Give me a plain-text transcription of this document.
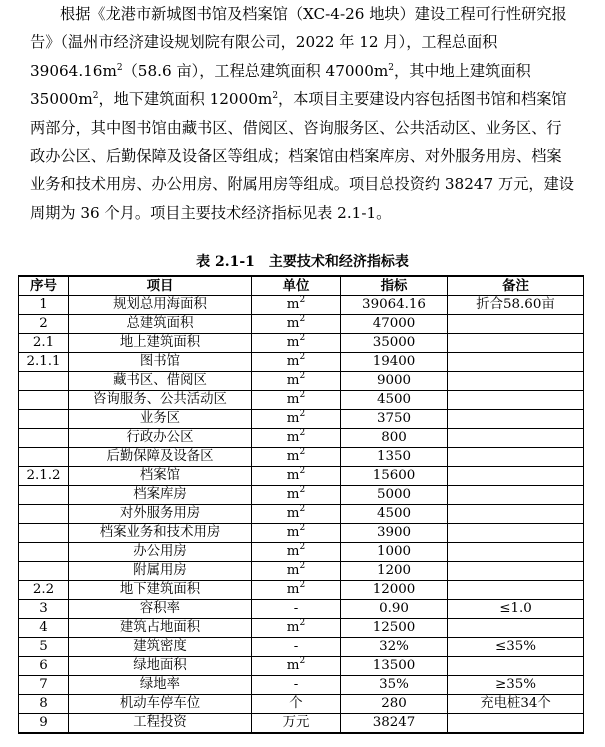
根据《龙港市新城图书馆及档案馆（XC-4-26 地块）建设工程可行性研究报告》（温州市经济建设规划院有限公司，2022 年 12 月），工程总面积 $39064.16m^2(58.6$ 亩），工程总建筑面积 $47000m^2$，其中地上建筑面积 $35000m^2$，地下建筑面积 $12000m^2$，本项目主要建设内容包括图书馆和档案馆两部分，其中图书馆由藏书区、借阅区、咨询服务区、公共活动区、业务区、行政办公区、后勤保障及设备区等组成；档案馆由档案库房、对外服务用房、档案业务和技术用房、办公用房、附属用房等组成。项目总投资约 38247 万元，建设周期为 36 个月。项目主要技术经济指标见表 2.1-1。

表 2.1-1　主要技术和经济指标表
序号	项目	单位	指标	备注
1	规划总用海面积	$m^2$	39064.16	折合58.60亩
2	总建筑面积	$m^2$	47000	
2.1	地上建筑面积	$m^2$	35000	
2.1.1	图书馆	$m^2$	19400	
	藏书区、借阅区	$m^2$	9000	
	咨询服务、公共活动区	$m^2$	4500	
	业务区	$m^2$	3750	
	行政办公区	$m^2$	800	
	后勤保障及设备区	$m^2$	1350	
2.1.2	档案馆	$m^2$	15600	
	档案库房	$m^2$	5000	
	对外服务用房	$m^2$	4500	
	档案业务和技术用房	$m^2$	3900	
	办公用房	$m^2$	1000	
	附属用房	$m^2$	1200	
2.2	地下建筑面积	$m^2$	12000	
3	容积率	-	0.90	≤1.0
4	建筑占地面积	$m^2$	12500	
5	建筑密度	-	32%	≤35%
6	绿地面积	$m^2$	13500	
7	绿地率	-	35%	≥35%
8	机动车停车位	个	280	充电桩34个
9	工程投资	万元	38247	
